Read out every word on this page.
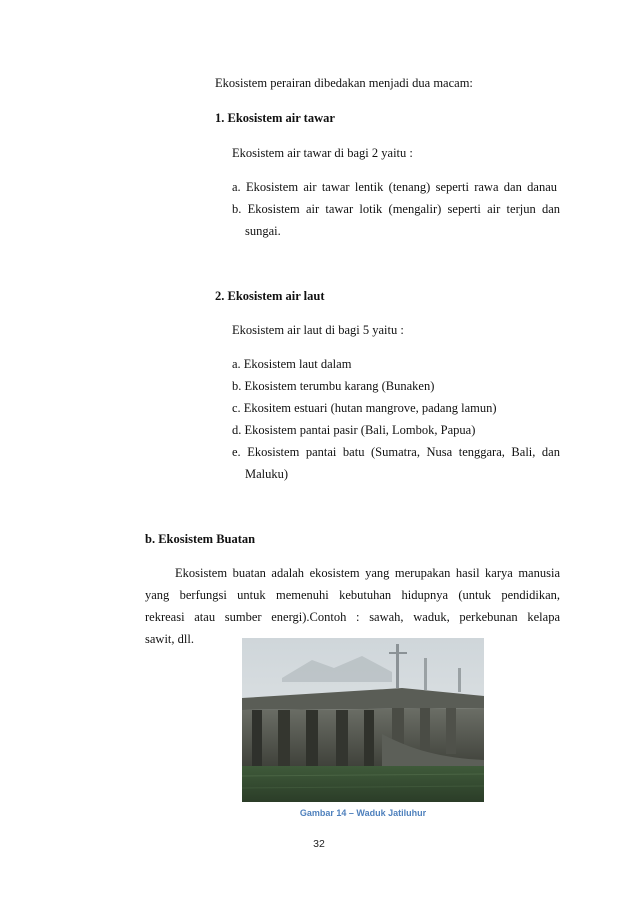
Ekosistem perairan dibedakan menjadi dua macam:
1. Ekosistem air tawar
Ekosistem air tawar di bagi 2 yaitu :
a. Ekosistem air tawar lentik (tenang) seperti rawa dan danau
b. Ekosistem air tawar lotik (mengalir) seperti air terjun dan
sungai.
2. Ekosistem air laut
Ekosistem air laut di bagi 5 yaitu :
a. Ekosistem laut dalam
b. Ekosistem terumbu karang (Bunaken)
c. Ekositem estuari (hutan mangrove, padang lamun)
d. Ekosistem pantai pasir (Bali, Lombok, Papua)
e. Ekosistem pantai batu (Sumatra, Nusa tenggara, Bali, dan
Maluku)
b. Ekosistem Buatan
Ekosistem buatan adalah ekosistem yang merupakan hasil karya manusia
yang berfungsi untuk memenuhi kebutuhan hidupnya (untuk pendidikan,
rekreasi atau sumber energi).Contoh : sawah, waduk, perkebunan kelapa
sawit, dll.
Gambar 14 – Waduk Jatiluhur
32
